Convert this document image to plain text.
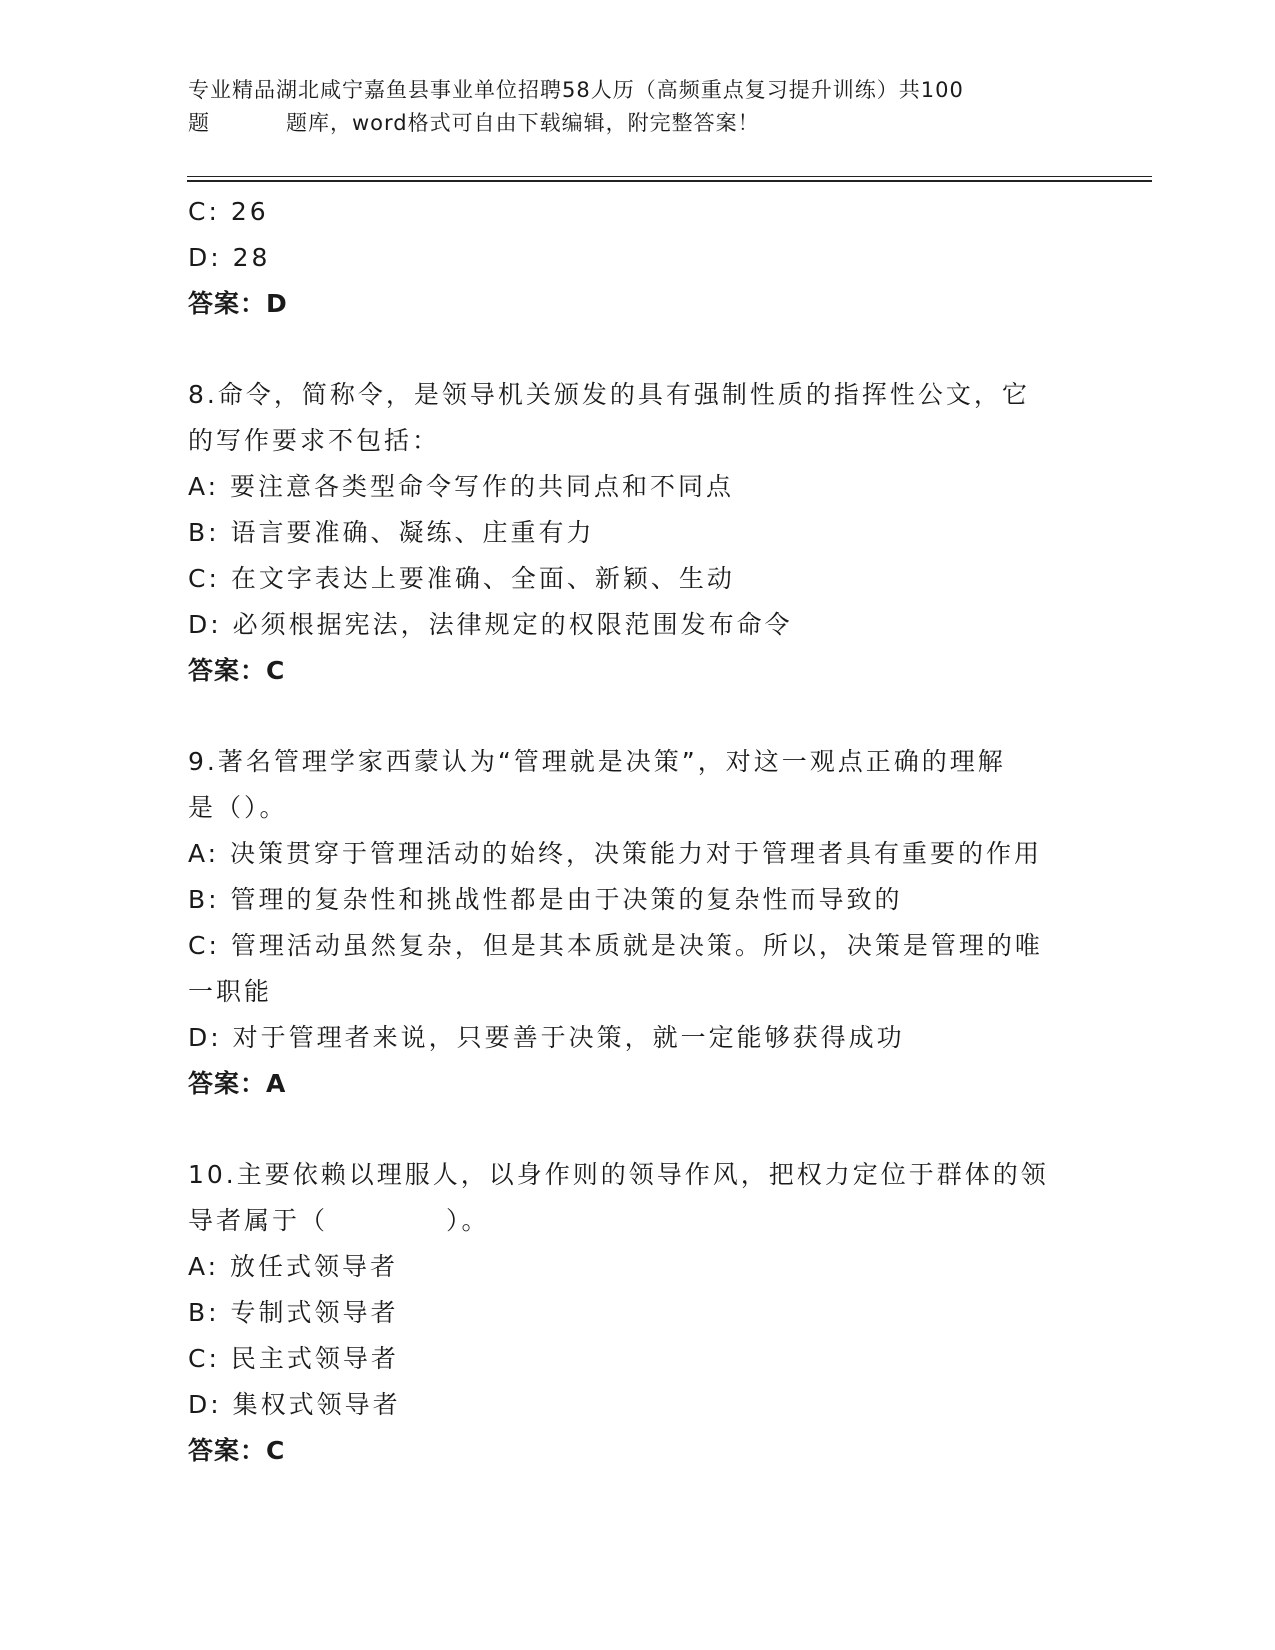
专业精品湖北咸宁嘉鱼县事业单位招聘58人历（高频重点复习提升训练）共100
题	题库，word格式可自由下载编辑，附完整答案！
C: 26
D: 28
答案：D
8.命令，简称令，是领导机关颁发的具有强制性质的指挥性公文，它
的写作要求不包括：
A: 要注意各类型命令写作的共同点和不同点
B: 语言要准确、凝练、庄重有力
C: 在文字表达上要准确、全面、新颖、生动
D: 必须根据宪法，法律规定的权限范围发布命令
答案：C
9.著名管理学家西蒙认为“管理就是决策”，对这一观点正确的理解
是（）。
A: 决策贯穿于管理活动的始终，决策能力对于管理者具有重要的作用
B: 管理的复杂性和挑战性都是由于决策的复杂性而导致的
C: 管理活动虽然复杂，但是其本质就是决策。所以，决策是管理的唯
一职能
D: 对于管理者来说，只要善于决策，就一定能够获得成功
答案：A
10.主要依赖以理服人，以身作则的领导作风，把权力定位于群体的领
导者属于（	）。
A: 放任式领导者
B: 专制式领导者
C: 民主式领导者
D: 集权式领导者
答案：C
